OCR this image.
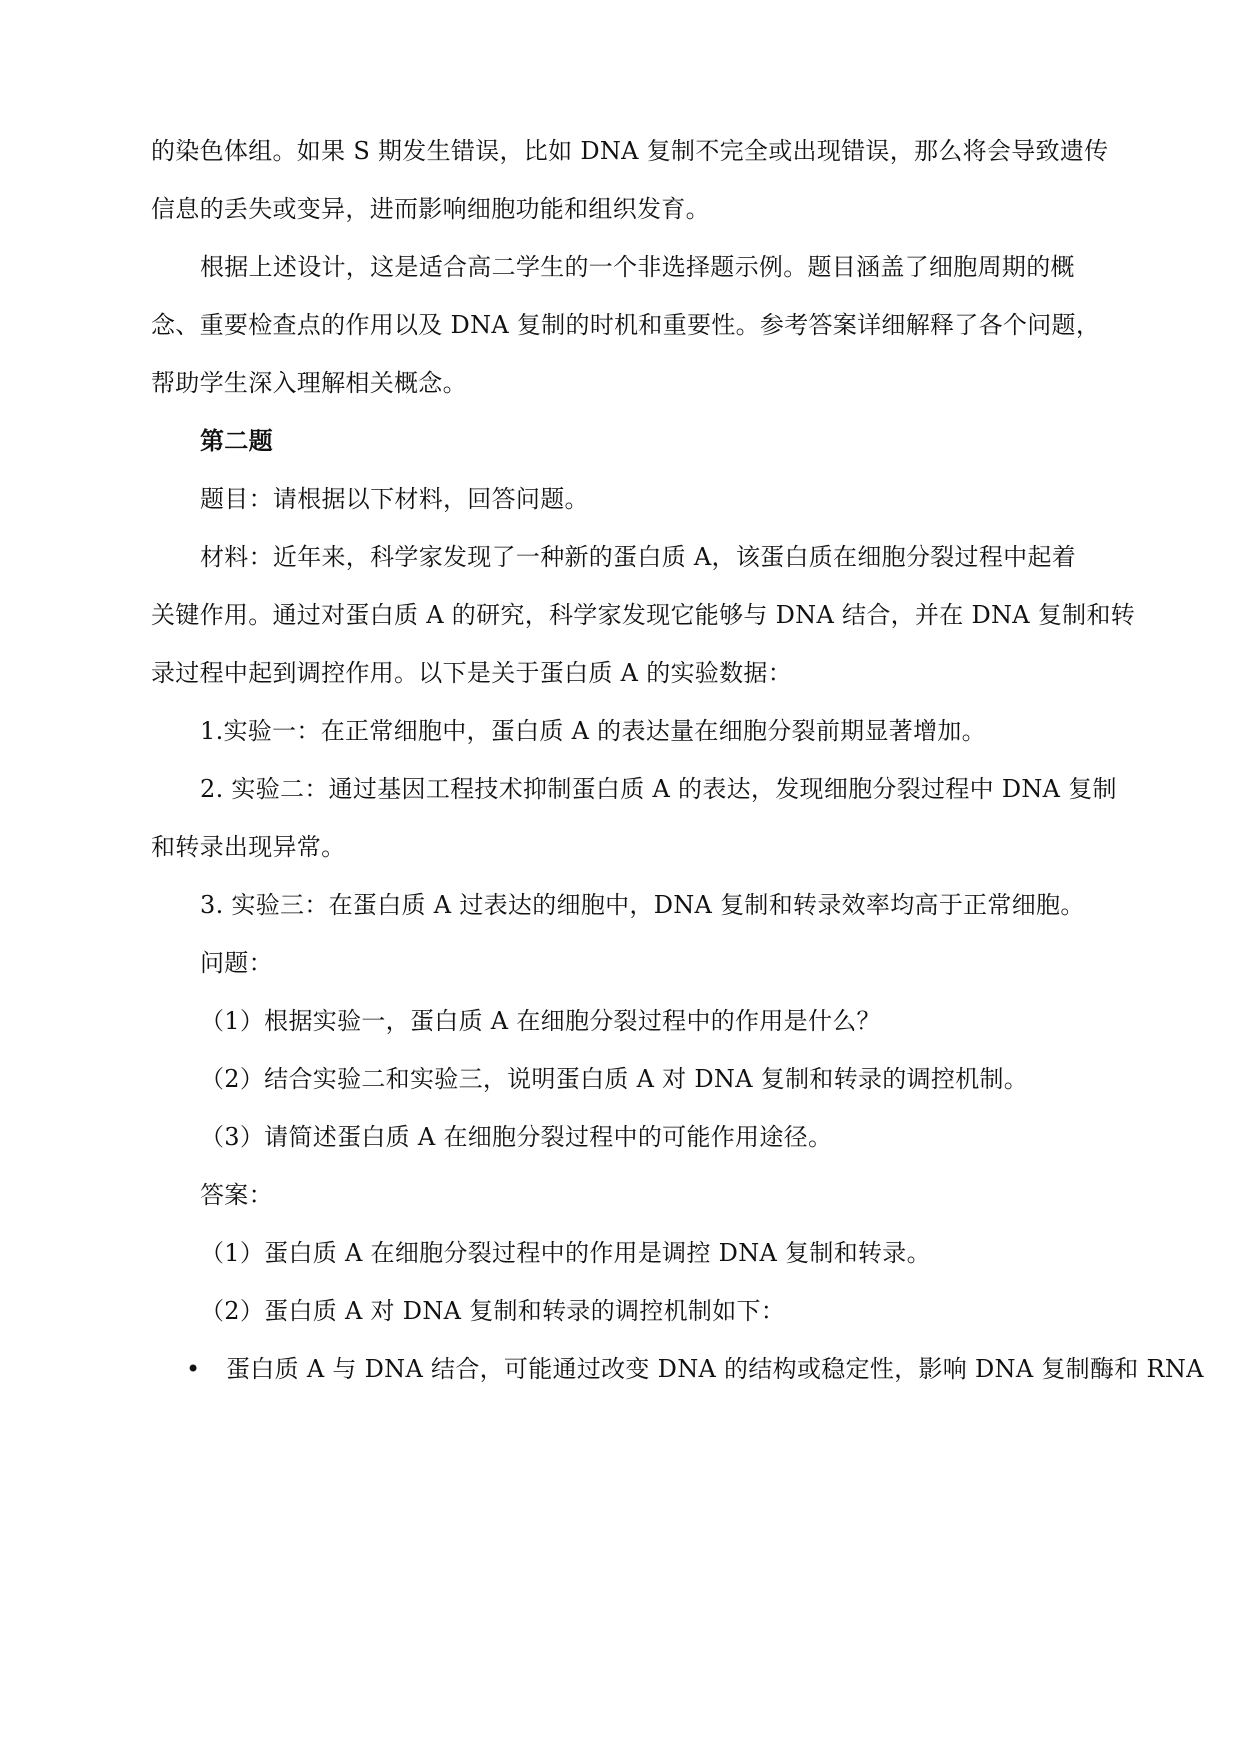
的染色体组。如果 S 期发生错误，比如 DNA 复制不完全或出现错误，那么将会导致遗传
信息的丢失或变异，进而影响细胞功能和组织发育。
根据上述设计，这是适合高二学生的一个非选择题示例。题目涵盖了细胞周期的概
念、重要检查点的作用以及 DNA 复制的时机和重要性。参考答案详细解释了各个问题，
帮助学生深入理解相关概念。
第二题
题目：请根据以下材料，回答问题。
材料：近年来，科学家发现了一种新的蛋白质 A，该蛋白质在细胞分裂过程中起着
关键作用。通过对蛋白质 A 的研究，科学家发现它能够与 DNA 结合，并在 DNA 复制和转
录过程中起到调控作用。以下是关于蛋白质 A 的实验数据：
1.实验一：在正常细胞中，蛋白质 A 的表达量在细胞分裂前期显著增加。
2. 实验二：通过基因工程技术抑制蛋白质 A 的表达，发现细胞分裂过程中 DNA 复制
和转录出现异常。
3. 实验三：在蛋白质 A 过表达的细胞中，DNA 复制和转录效率均高于正常细胞。
问题：
（1）根据实验一，蛋白质 A 在细胞分裂过程中的作用是什么？
（2）结合实验二和实验三，说明蛋白质 A 对 DNA 复制和转录的调控机制。
（3）请简述蛋白质 A 在细胞分裂过程中的可能作用途径。
答案：
（1）蛋白质 A 在细胞分裂过程中的作用是调控 DNA 复制和转录。
（2）蛋白质 A 对 DNA 复制和转录的调控机制如下：
• 蛋白质 A 与 DNA 结合，可能通过改变 DNA 的结构或稳定性，影响 DNA 复制酶和 RNA
